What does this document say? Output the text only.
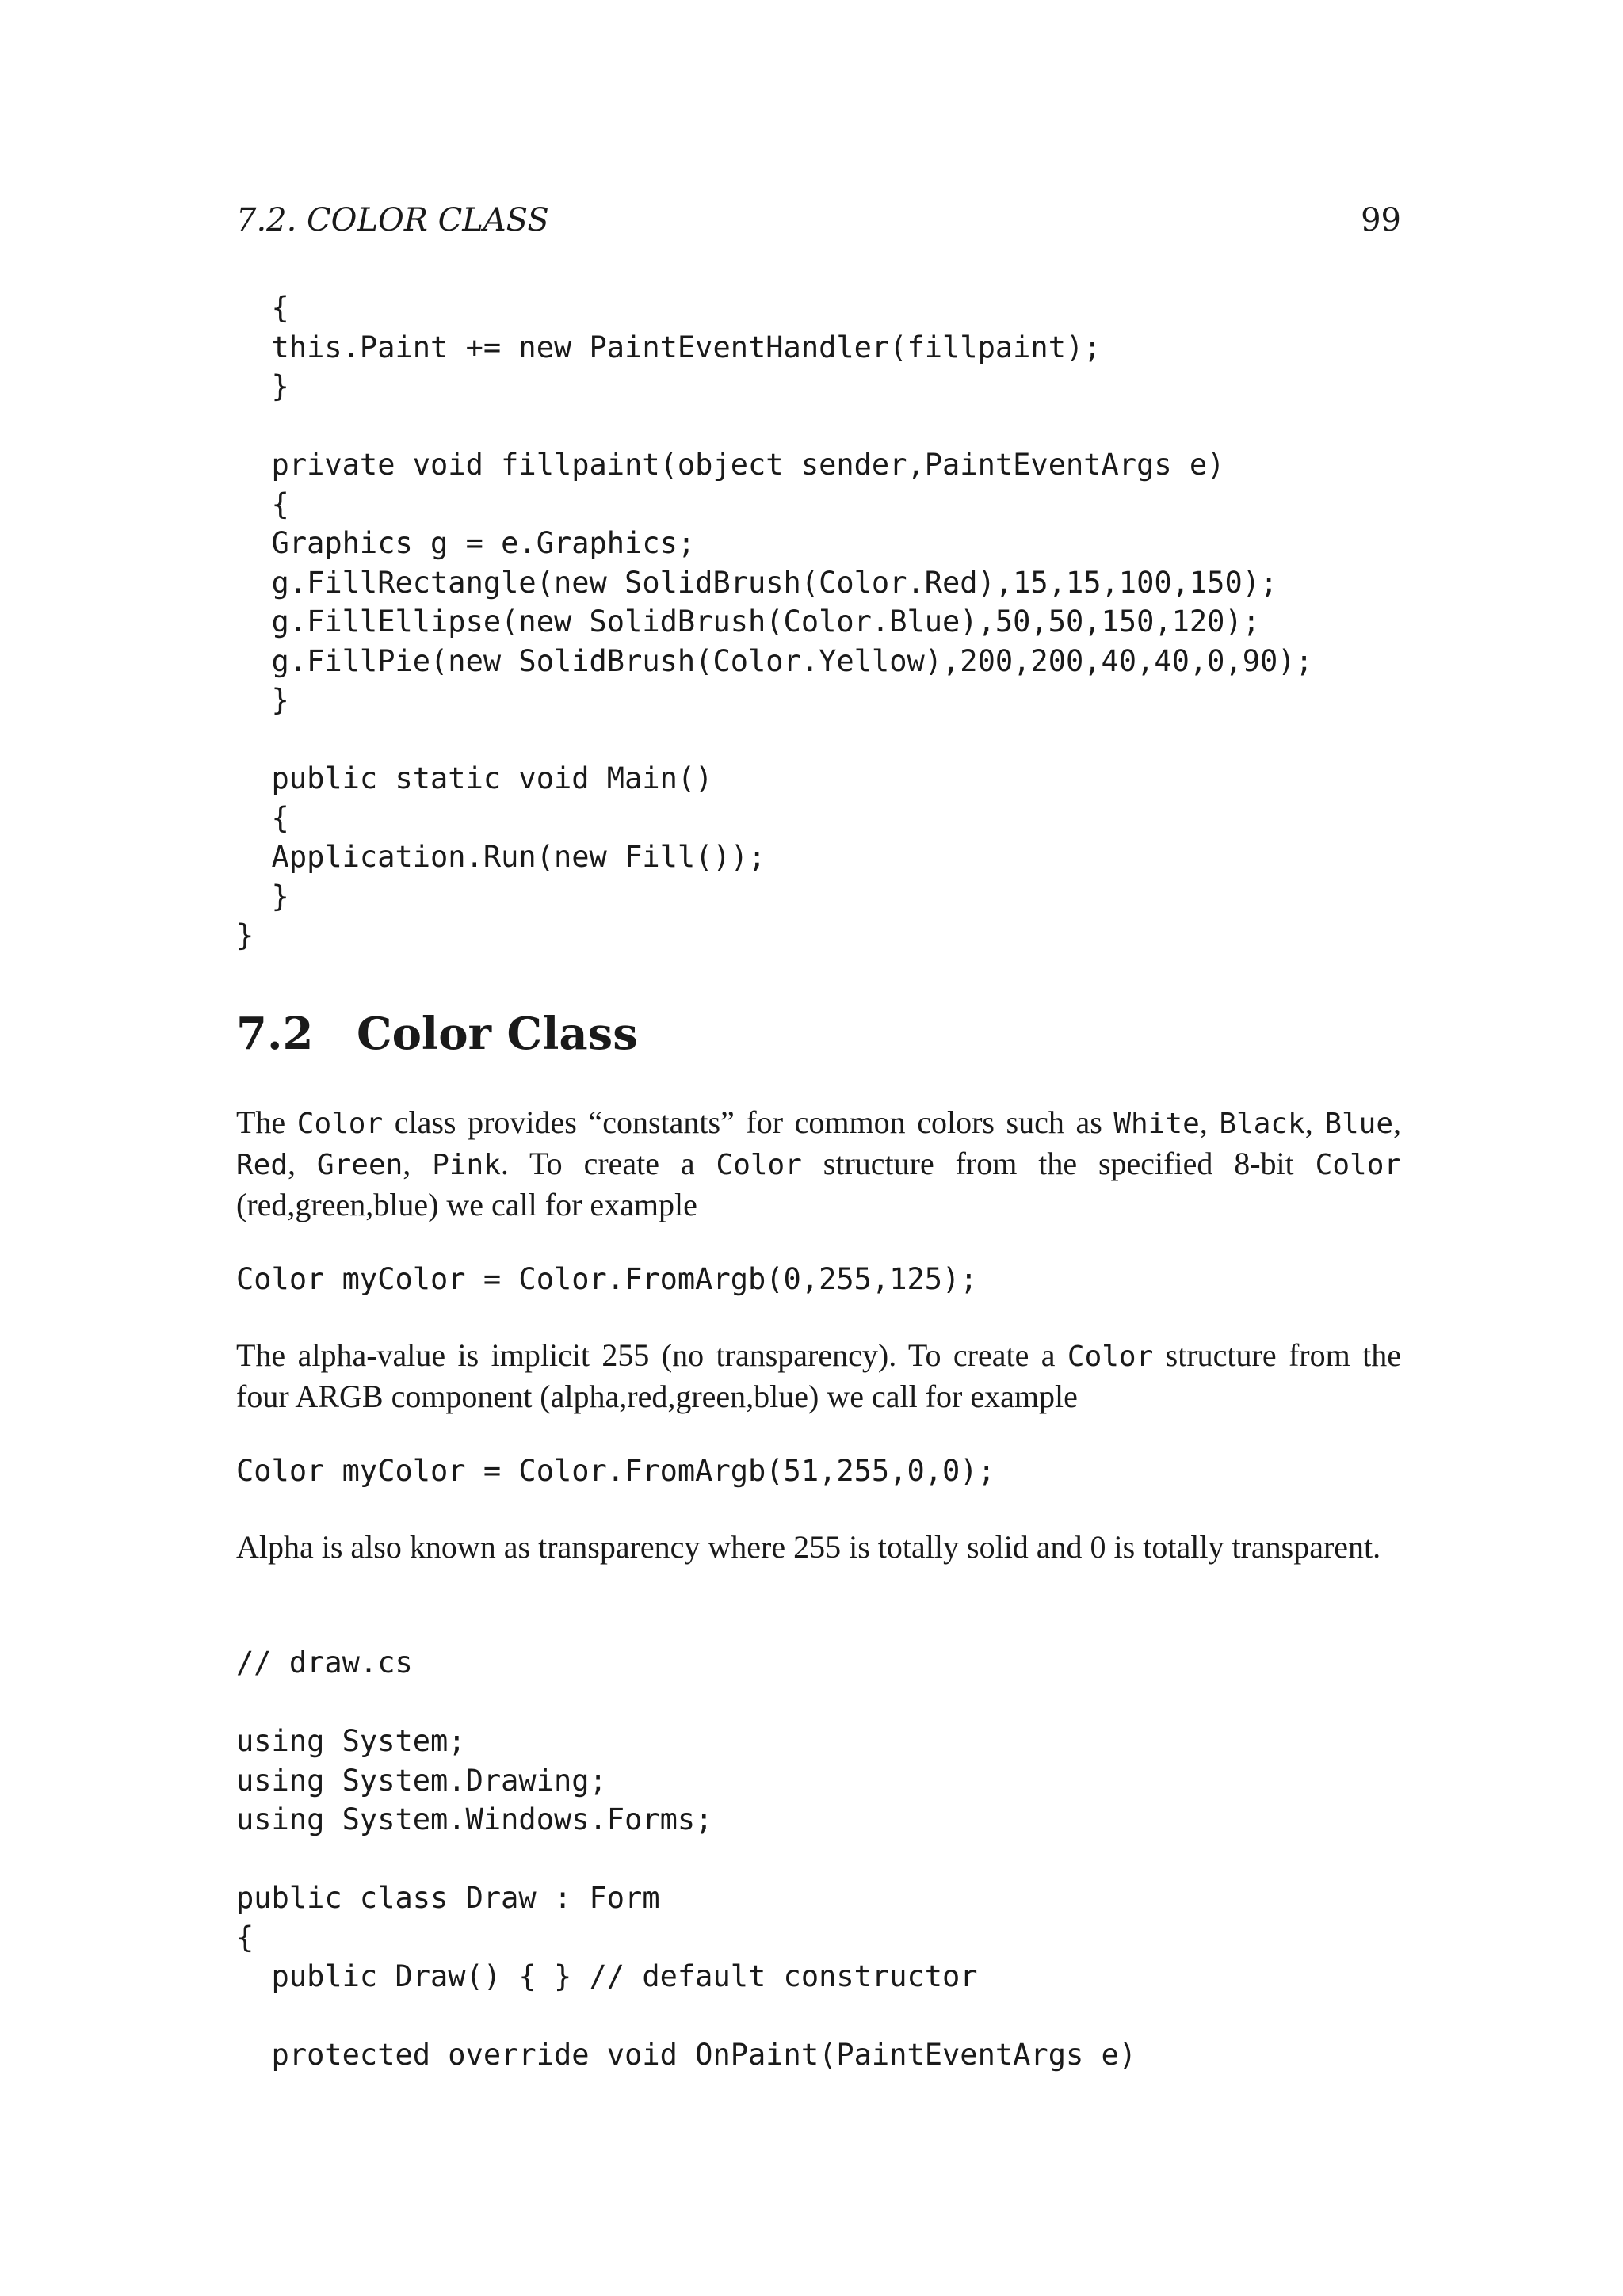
7.2. COLOR CLASS	99
{
this.Paint += new PaintEventHandler(fillpaint);
}
private void fillpaint(object sender,PaintEventArgs e)
{
Graphics g = e.Graphics;
g.FillRectangle(new SolidBrush(Color.Red),15,15,100,150);
g.FillEllipse(new SolidBrush(Color.Blue),50,50,150,120);
g.FillPie(new SolidBrush(Color.Yellow),200,200,40,40,0,90);
}
public static void Main()
{
Application.Run(new Fill());
}
}
7.2 Color Class

The Color class provides “constants” for common colors such as White, Black, Blue, Red, Green, Pink. To create a Color structure from the specified 8-bit Color (red,green,blue) we call for example

Color myColor = Color.FromArgb(0,255,125);

The alpha-value is implicit 255 (no transparency). To create a Color structure from the four ARGB component (alpha,red,green,blue) we call for example

Color myColor = Color.FromArgb(51,255,0,0);

Alpha is also known as transparency where 255 is totally solid and 0 is totally transparent.

// draw.cs
using System;
using System.Drawing;
using System.Windows.Forms;
public class Draw : Form
{
public Draw() { } // default constructor
protected override void OnPaint(PaintEventArgs e)
